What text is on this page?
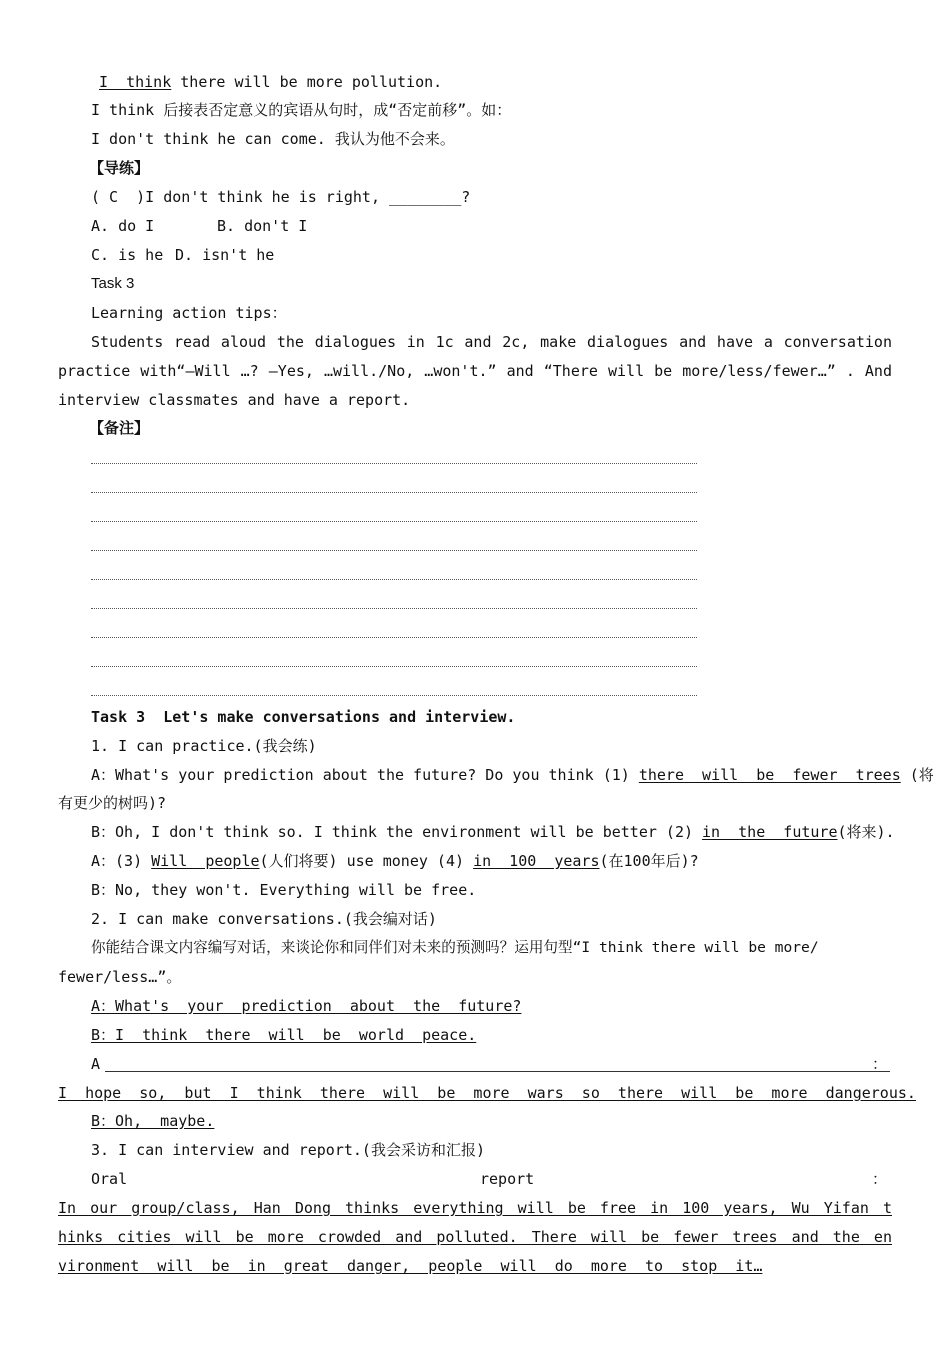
I  think there will be more pollution.
I think 后接表否定意义的宾语从句时，成“否定前移”。如：
I don't think he can come. 我认为他不会来。
【导练】
( C  )I don't think he is right, ________?
A. do I	B. don't I
C. is he D. isn't he
Task 3
Learning action tips：
Students read aloud the dialogues in 1c and 2c, make dialogues and have a conversation
practice with“—Will …? —Yes, …will./No, …won't.” and “There will be more/less/fewer…” . And
interview classmates and have a report.
【备注】
Task 3  Let's make conversations and interview.
1. I can practice.(我会练)
A：What's your prediction about the future? Do you think (1) there  will  be  fewer  trees (将
有更少的树吗)?
B：Oh, I don't think so. I think the environment will be better (2) in  the  future(将来).
A：(3) Will  people(人们将要) use money (4) in  100  years(在100年后)?
B：No, they won't. Everything will be free.
2. I can make conversations.(我会编对话)
你能结合课文内容编写对话，来谈论你和同伴们对未来的预测吗？运用句型“I think there will be more/
fewer/less…”。
A：What's  your  prediction  about  the  future?
B：I  think  there  will  be  world  peace.
A	：
I  hope  so,  but  I  think  there  will  be  more  wars  so  there  will  be  more  dangerous.
B：Oh,  maybe.
3. I can interview and report.(我会采访和汇报)
Oral	report	：
In our group/class, Han Dong thinks everything will be free in 100 years, Wu Yifan t
hinks cities will be more crowded and polluted. There will be fewer trees and the en
vironment  will  be  in  great  danger,  people  will  do  more  to  stop  it…
